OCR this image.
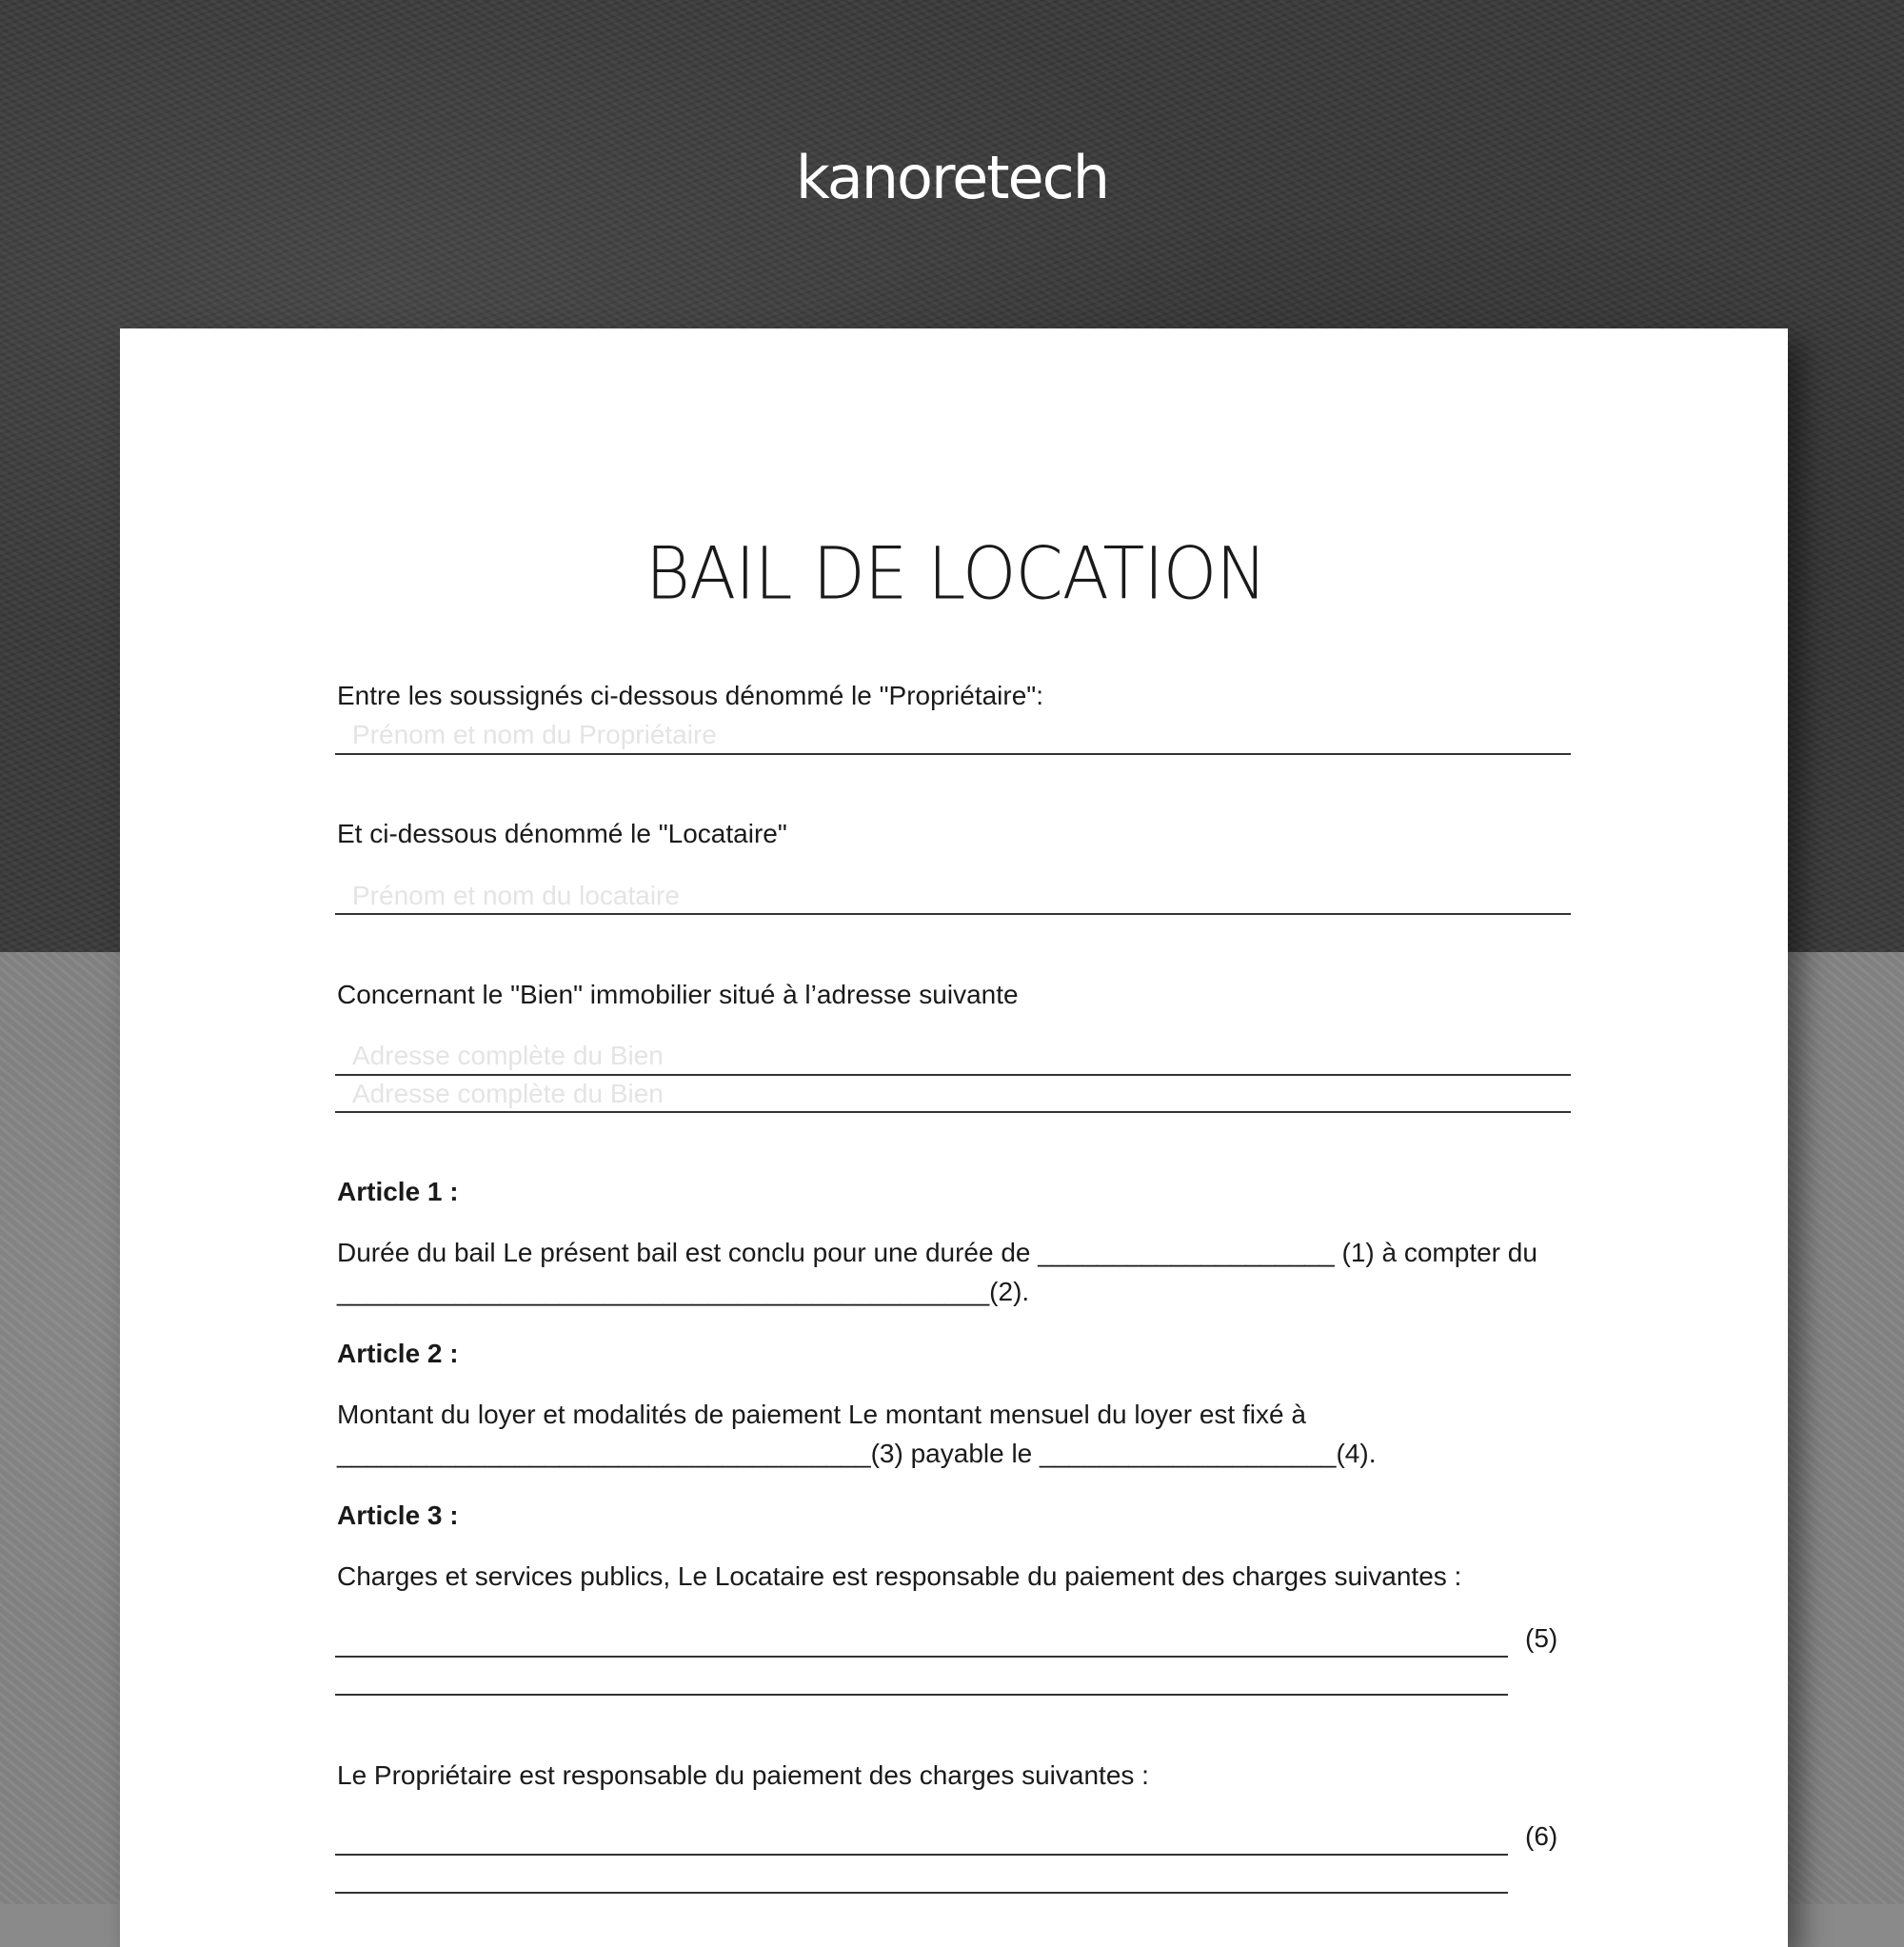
kanoretech
BAIL DE LOCATION
Entre les soussignés ci-dessous dénommé le "Propriétaire":
Prénom et nom du Propriétaire
Et ci-dessous dénommé le "Locataire"
Prénom et nom du locataire
Concernant le "Bien" immobilier situé à l’adresse suivante
Adresse complète du Bien
Adresse complète du Bien
Article 1 :
Durée du bail Le présent bail est conclu pour une durée de ____________________ (1) à compter du
____________________________________________(2).
Article 2 :
Montant du loyer et modalités de paiement Le montant mensuel du loyer est fixé à
____________________________________(3) payable le ____________________(4).
Article 3 :
Charges et services publics, Le Locataire est responsable du paiement des charges suivantes :
(5)
Le Propriétaire est responsable du paiement des charges suivantes :
(6)
